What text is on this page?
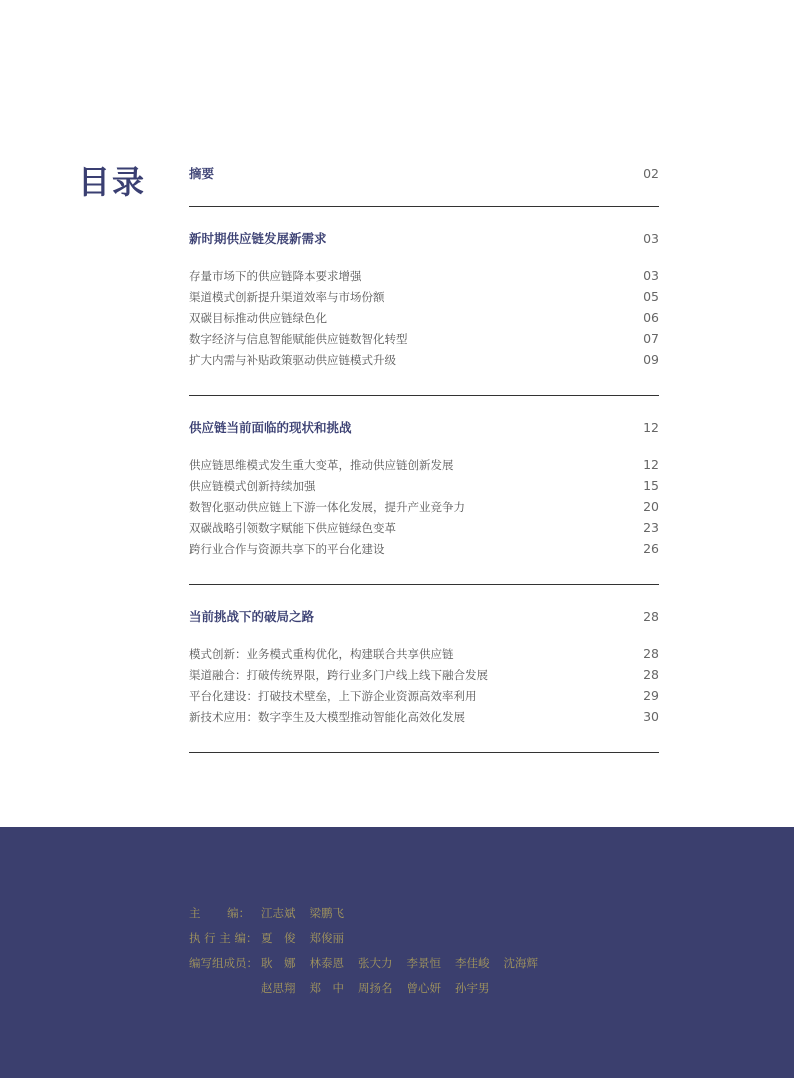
目录	摘要	02
新时期供应链发展新需求	03
存量市场下的供应链降本要求增强	03
渠道模式创新提升渠道效率与市场份额	05
双碳目标推动供应链绿色化	06
数字经济与信息智能赋能供应链数智化转型	07
扩大内需与补贴政策驱动供应链模式升级	09
供应链当前面临的现状和挑战	12
供应链思维模式发生重大变革，推动供应链创新发展	12
供应链模式创新持续加强	15
数智化驱动供应链上下游一体化发展，提升产业竞争力	20
双碳战略引领数字赋能下供应链绿色变革	23
跨行业合作与资源共享下的平台化建设	26
当前挑战下的破局之路	28
模式创新：业务模式重构优化，构建联合共享供应链	28
渠道融合：打破传统界限，跨行业多门户线上线下融合发展	28
平台化建设：打破技术壁垒，上下游企业资源高效率利用	29
新技术应用：数字孪生及大模型推动智能化高效化发展	30
主　　 编： 江志斌 梁鹏飞
执 行 主 编： 夏　俊 郑俊丽
编写组成员： 耿　娜 林泰恩 张大力 李景恒 李佳峻 沈海辉
赵思翔 郑　中 周扬名 曾心妍 孙宇男
